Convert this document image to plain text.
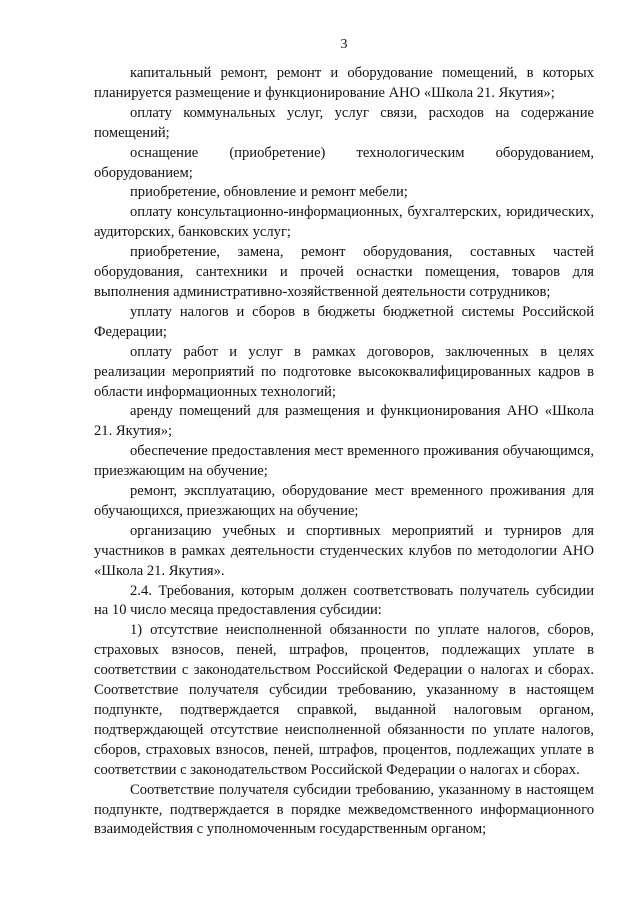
3

капитальный ремонт, ремонт и оборудование помещений, в которых планируется размещение и функционирование АНО «Школа 21. Якутия»;

оплату коммунальных услуг, услуг связи, расходов на содержание помещений;

оснащение (приобретение) технологическим оборудованием, оборудованием;

приобретение, обновление и ремонт мебели;

оплату консультационно-информационных, бухгалтерских, юридических, аудиторских, банковских услуг;

приобретение, замена, ремонт оборудования, составных частей оборудования, сантехники и прочей оснастки помещения, товаров для выполнения административно-хозяйственной деятельности сотрудников;

уплату налогов и сборов в бюджеты бюджетной системы Российской Федерации;

оплату работ и услуг в рамках договоров, заключенных в целях реализации мероприятий по подготовке высококвалифицированных кадров в области информационных технологий;

аренду помещений для размещения и функционирования АНО «Школа 21. Якутия»;

обеспечение предоставления мест временного проживания обучающимся, приезжающим на обучение;

ремонт, эксплуатацию, оборудование мест временного проживания для обучающихся, приезжающих на обучение;

организацию учебных и спортивных мероприятий и турниров для участников в рамках деятельности студенческих клубов по методологии АНО «Школа 21. Якутия».

2.4. Требования, которым должен соответствовать получатель субсидии на 10 число месяца предоставления субсидии:

1) отсутствие неисполненной обязанности по уплате налогов, сборов, страховых взносов, пеней, штрафов, процентов, подлежащих уплате в соответствии с законодательством Российской Федерации о налогах и сборах. Соответствие получателя субсидии требованию, указанному в настоящем подпункте, подтверждается справкой, выданной налоговым органом, подтверждающей отсутствие неисполненной обязанности по уплате налогов, сборов, страховых взносов, пеней, штрафов, процентов, подлежащих уплате в соответствии с законодательством Российской Федерации о налогах и сборах.

Соответствие получателя субсидии требованию, указанному в настоящем подпункте, подтверждается в порядке межведомственного информационного взаимодействия с уполномоченным государственным органом;
